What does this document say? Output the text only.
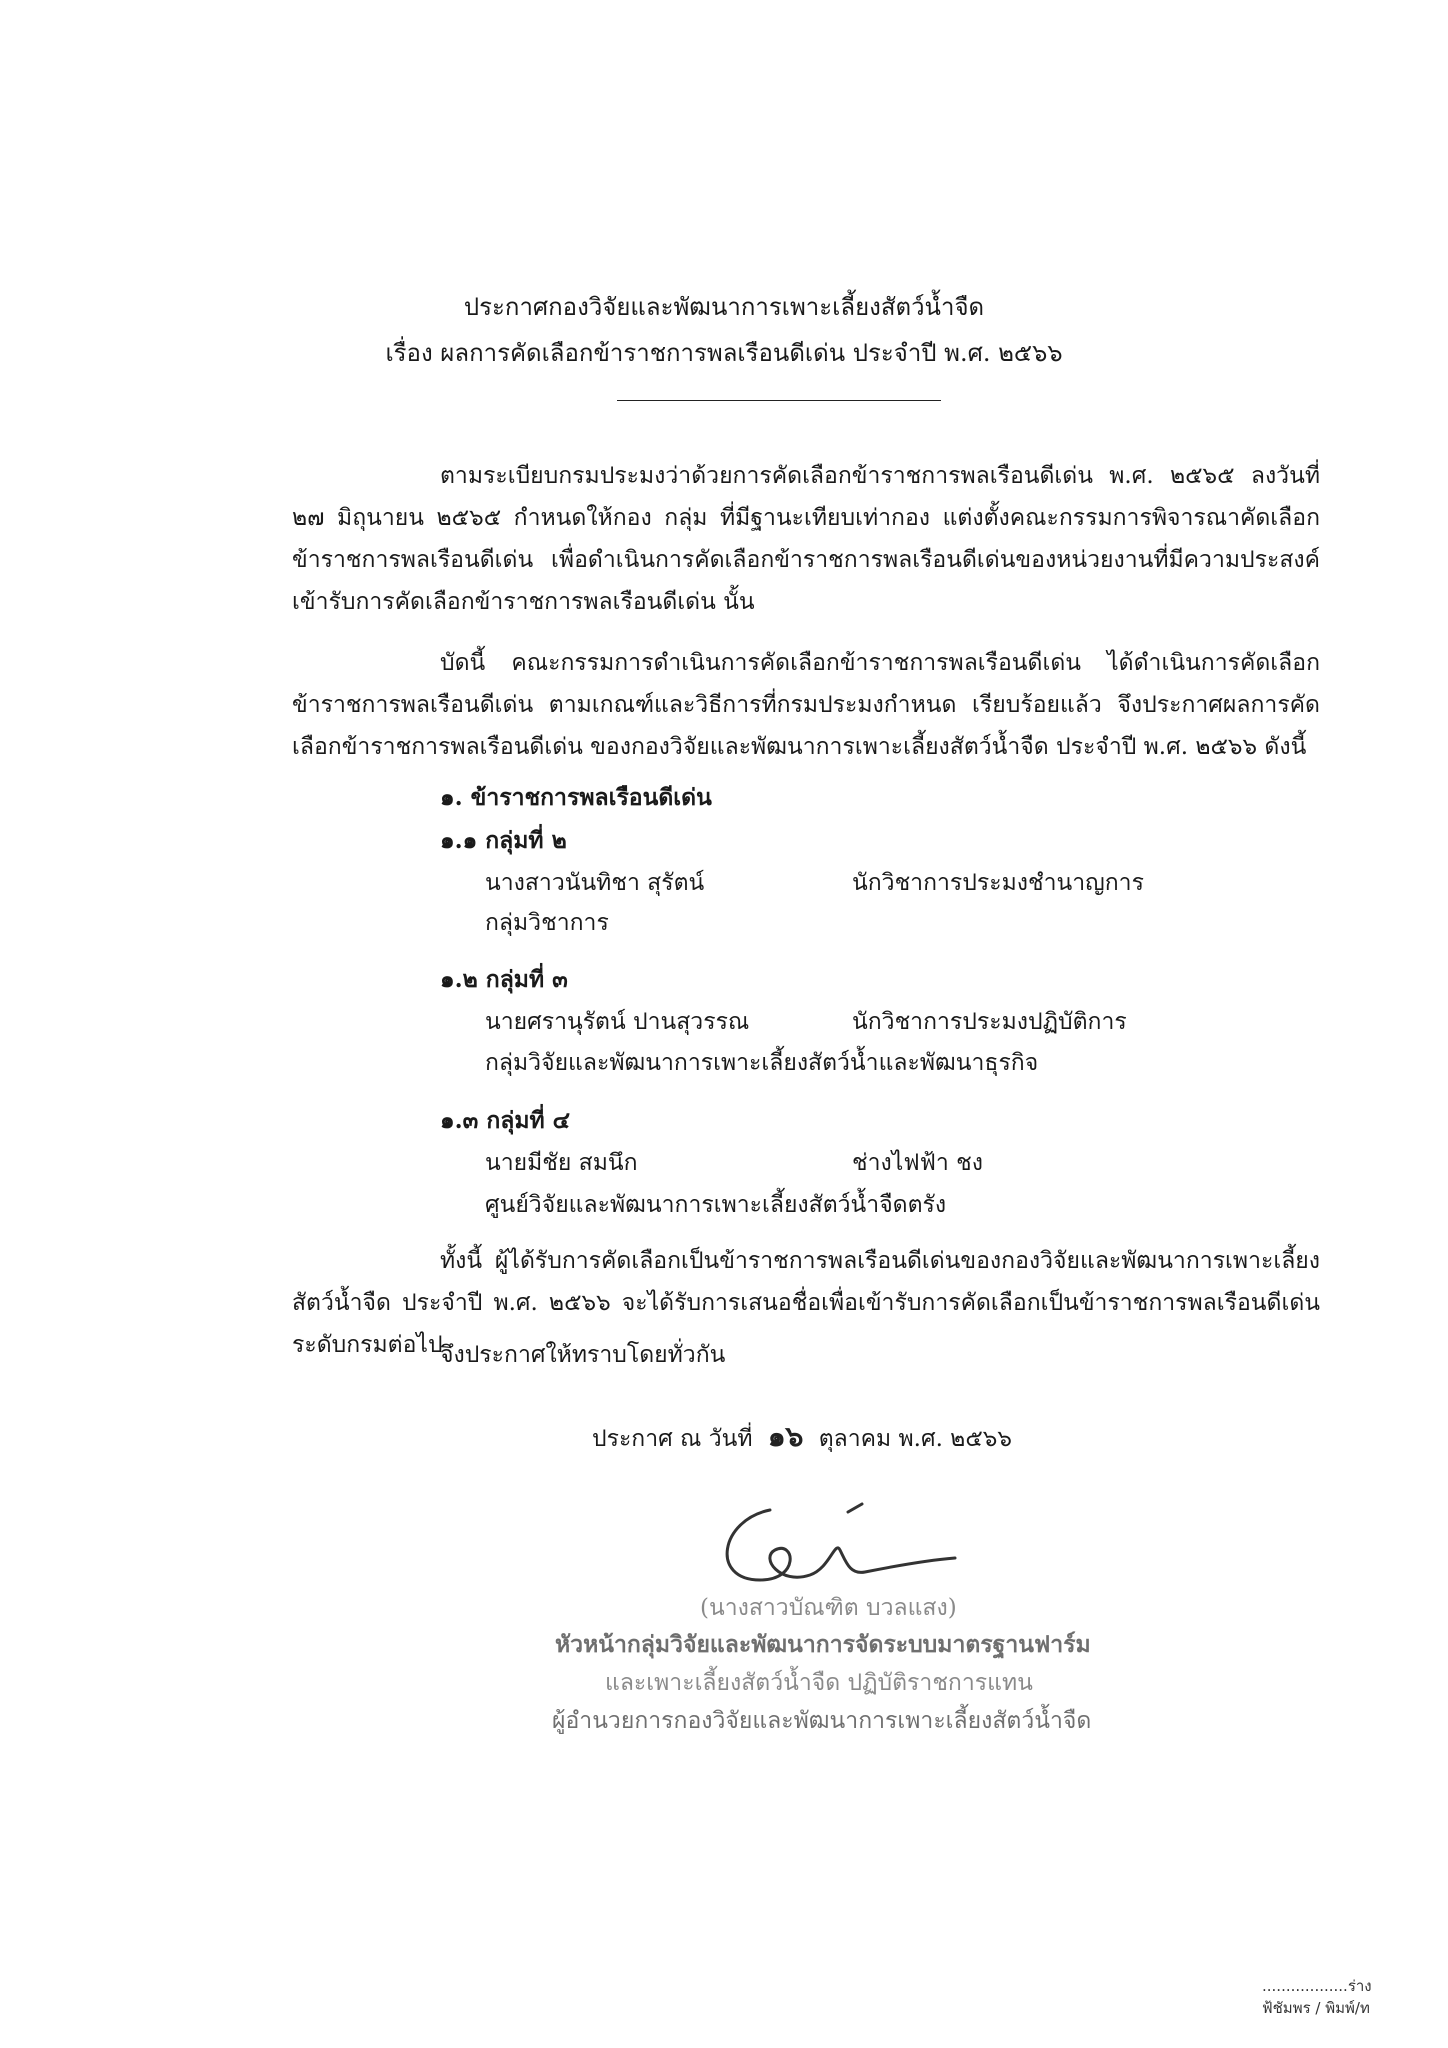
ประกาศกองวิจัยและพัฒนาการเพาะเลี้ยงสัตว์น้ำจืด
เรื่อง ผลการคัดเลือกข้าราชการพลเรือนดีเด่น ประจำปี พ.ศ. ๒๕๖๖
ตามระเบียบกรมประมงว่าด้วยการคัดเลือกข้าราชการพลเรือนดีเด่น พ.ศ. ๒๕๖๕ ลงวันที่ ๒๗ มิถุนายน ๒๕๖๕ กำหนดให้กอง กลุ่ม ที่มีฐานะเทียบเท่ากอง แต่งตั้งคณะกรรมการพิจารณาคัดเลือกข้าราชการพลเรือนดีเด่น เพื่อดำเนินการคัดเลือกข้าราชการพลเรือนดีเด่นของหน่วยงานที่มีความประสงค์เข้ารับการคัดเลือกข้าราชการพลเรือนดีเด่น นั้น
บัดนี้ คณะกรรมการดำเนินการคัดเลือกข้าราชการพลเรือนดีเด่น ได้ดำเนินการคัดเลือกข้าราชการพลเรือนดีเด่น ตามเกณฑ์และวิธีการที่กรมประมงกำหนด เรียบร้อยแล้ว จึงประกาศผลการคัดเลือกข้าราชการพลเรือนดีเด่น ของกองวิจัยและพัฒนาการเพาะเลี้ยงสัตว์น้ำจืด ประจำปี พ.ศ. ๒๕๖๖ ดังนี้
๑. ข้าราชการพลเรือนดีเด่น
๑.๑ กลุ่มที่ ๒
นางสาวนันทิชา สุรัตน์	นักวิชาการประมงชำนาญการ
กลุ่มวิชาการ
๑.๒ กลุ่มที่ ๓
นายศรานุรัตน์ ปานสุวรรณ	นักวิชาการประมงปฏิบัติการ
กลุ่มวิจัยและพัฒนาการเพาะเลี้ยงสัตว์น้ำและพัฒนาธุรกิจ
๑.๓ กลุ่มที่ ๔
นายมีชัย สมนึก	ช่างไฟฟ้า ชง
ศูนย์วิจัยและพัฒนาการเพาะเลี้ยงสัตว์น้ำจืดตรัง
ทั้งนี้ ผู้ได้รับการคัดเลือกเป็นข้าราชการพลเรือนดีเด่นของกองวิจัยและพัฒนาการเพาะเลี้ยงสัตว์น้ำจืด ประจำปี พ.ศ. ๒๕๖๖ จะได้รับการเสนอชื่อเพื่อเข้ารับการคัดเลือกเป็นข้าราชการพลเรือนดีเด่นระดับกรมต่อไป
จึงประกาศให้ทราบโดยทั่วกัน
ประกาศ ณ วันที่ ๑๖ ตุลาคม พ.ศ. ๒๕๖๖
(นางสาวบัณฑิต บวลแสง)
หัวหน้ากลุ่มวิจัยและพัฒนาการจัดระบบมาตรฐานฟาร์ม
และเพาะเลี้ยงสัตว์น้ำจืด ปฏิบัติราชการแทน
ผู้อำนวยการกองวิจัยและพัฒนาการเพาะเลี้ยงสัตว์น้ำจืด
..................ร่าง
ฟ้ชัมพร / พิมพ์/ท
